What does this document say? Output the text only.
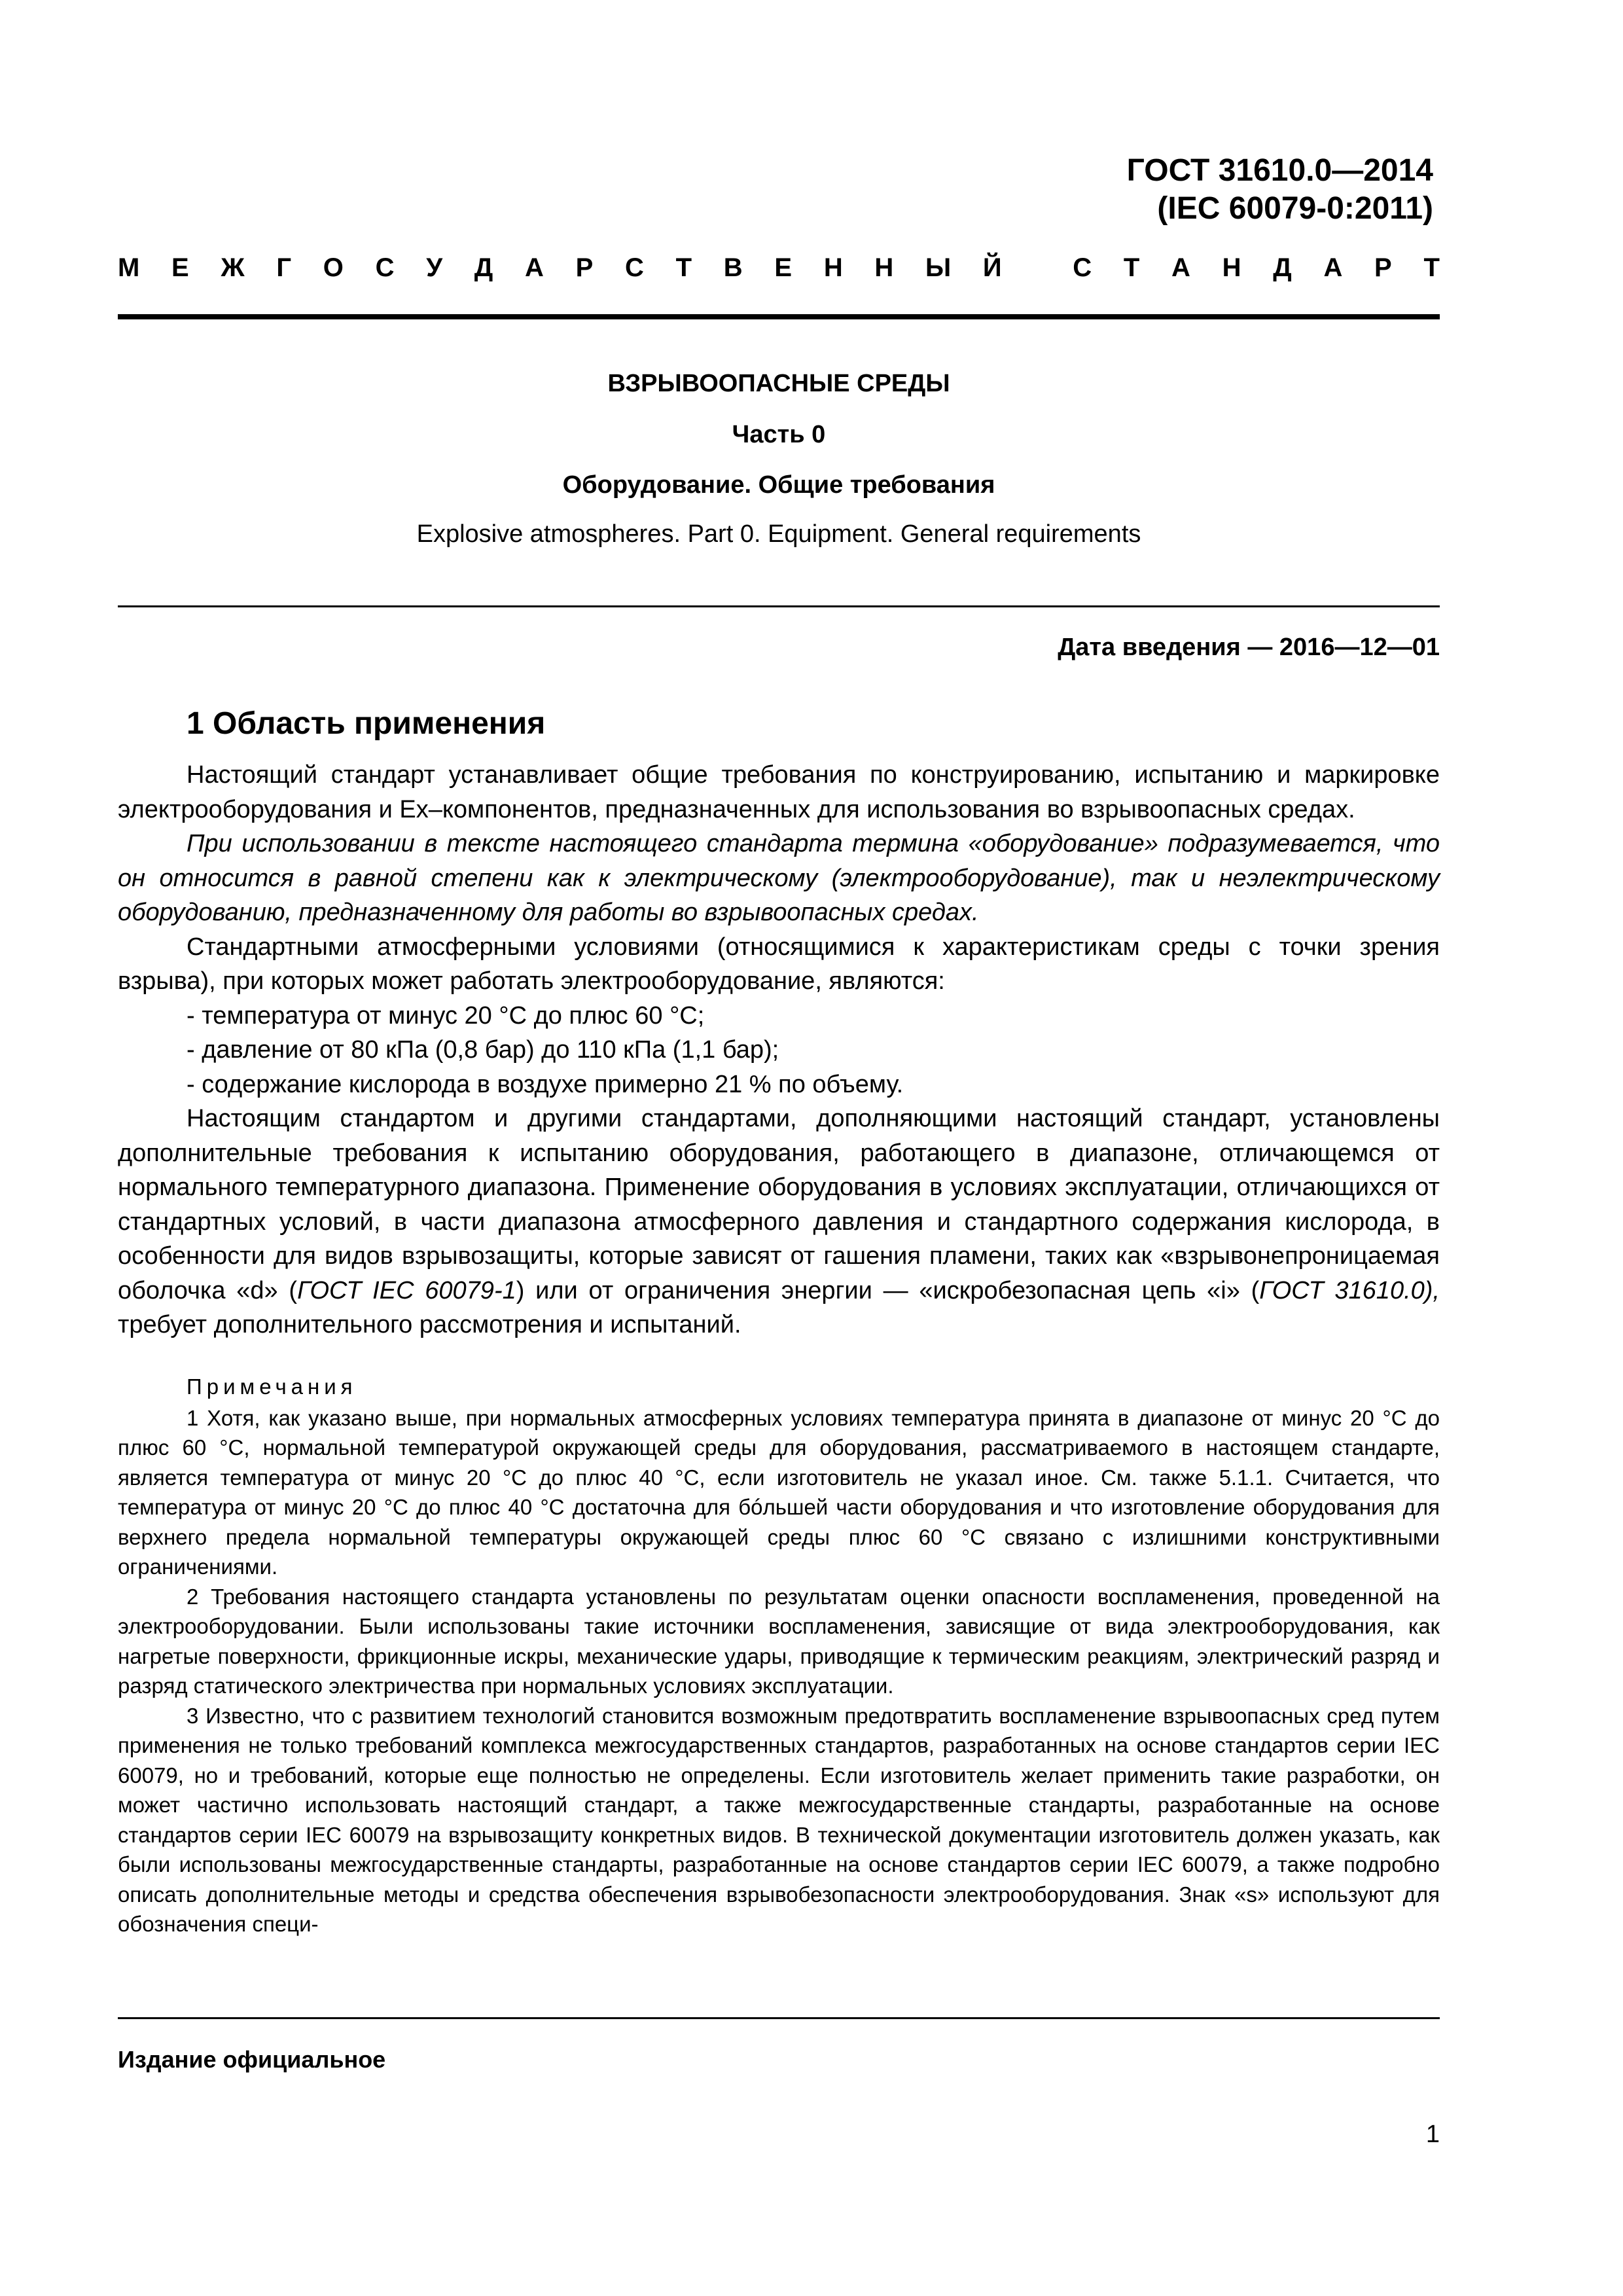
ГОСТ 31610.0—2014
(IEC 60079-0:2011)
М Е Ж Г О С У Д А Р С Т В Е Н Н Ы Й
	С Т А Н Д А Р Т
ВЗРЫВООПАСНЫЕ СРЕДЫ
Часть 0
Оборудование. Общие требования
Explosive atmospheres. Part 0. Equipment. General requirements
Дата введения — 2016—12—01
1 Область применения

Настоящий стандарт устанавливает общие требования по конструированию, испытанию и маркировке электрооборудования и Ex–компонентов, предназначенных для использования во взрывоопасных средах.

При использовании в тексте настоящего стандарта термина «оборудование» подразумевается, что он относится в равной степени как к электрическому (электрооборудование), так и неэлектрическому оборудованию, предназначенному для работы во взрывоопасных средах.

Стандартными атмосферными условиями (относящимися к характеристикам среды с точки зрения взрыва), при которых может работать электрооборудование, являются:

- температура от минус 20 °С до плюс 60 °С;

- давление от 80 кПа (0,8 бар) до 110 кПа (1,1 бар);

- содержание кислорода в воздухе примерно 21 % по объему.

Настоящим стандартом и другими стандартами, дополняющими настоящий стандарт, установлены дополнительные требования к испытанию оборудования, работающего в диапазоне, отличающемся от нормального температурного диапазона. Применение оборудования в условиях эксплуатации, отличающихся от стандартных условий, в части диапазона атмосферного давления и стандартного содержания кислорода, в особенности для видов взрывозащиты, которые зависят от гашения пламени, таких как «взрывонепроницаемая оболочка «d» (ГОСТ IEC 60079-1) или от ограничения энергии — «искробезопасная цепь «i» (ГОСТ 31610.0), требует дополнительного рассмотрения и испытаний.

Примечания

1 Хотя, как указано выше, при нормальных атмосферных условиях температура принята в диапазоне от минус 20 °С до плюс 60 °С, нормальной температурой окружающей среды для оборудования, рассматриваемого в настоящем стандарте, является температура от минус 20 °С до плюс 40 °С, если изготовитель не указал иное. См. также 5.1.1. Считается, что температура от минус 20 °С до плюс 40 °С достаточна для бóльшей части оборудования и что изготовление оборудования для верхнего предела нормальной температуры окружающей среды плюс 60 °С связано с излишними конструктивными ограничениями.

2 Требования настоящего стандарта установлены по результатам оценки опасности воспламенения, проведенной на электрооборудовании. Были использованы такие источники воспламенения, зависящие от вида электрооборудования, как нагретые поверхности, фрикционные искры, механические удары, приводящие к термическим реакциям, электрический разряд и разряд статического электричества при нормальных условиях эксплуатации.

3 Известно, что с развитием технологий становится возможным предотвратить воспламенение взрывоопасных сред путем применения не только требований комплекса межгосударственных стандартов, разработанных на основе стандартов серии IEC 60079, но и требований, которые еще полностью не определены. Если изготовитель желает применить такие разработки, он может частично использовать настоящий стандарт, а также межгосударственные стандарты, разработанные на основе стандартов серии IEC 60079 на взрывозащиту конкретных видов. В технической документации изготовитель должен указать, как были использованы межгосударственные стандарты, разработанные на основе стандартов серии IEC 60079, а также подробно описать дополнительные методы и средства обеспечения взрывобезопасности электрооборудования. Знак «s» используют для обозначения специ-

Издание официальное
1
